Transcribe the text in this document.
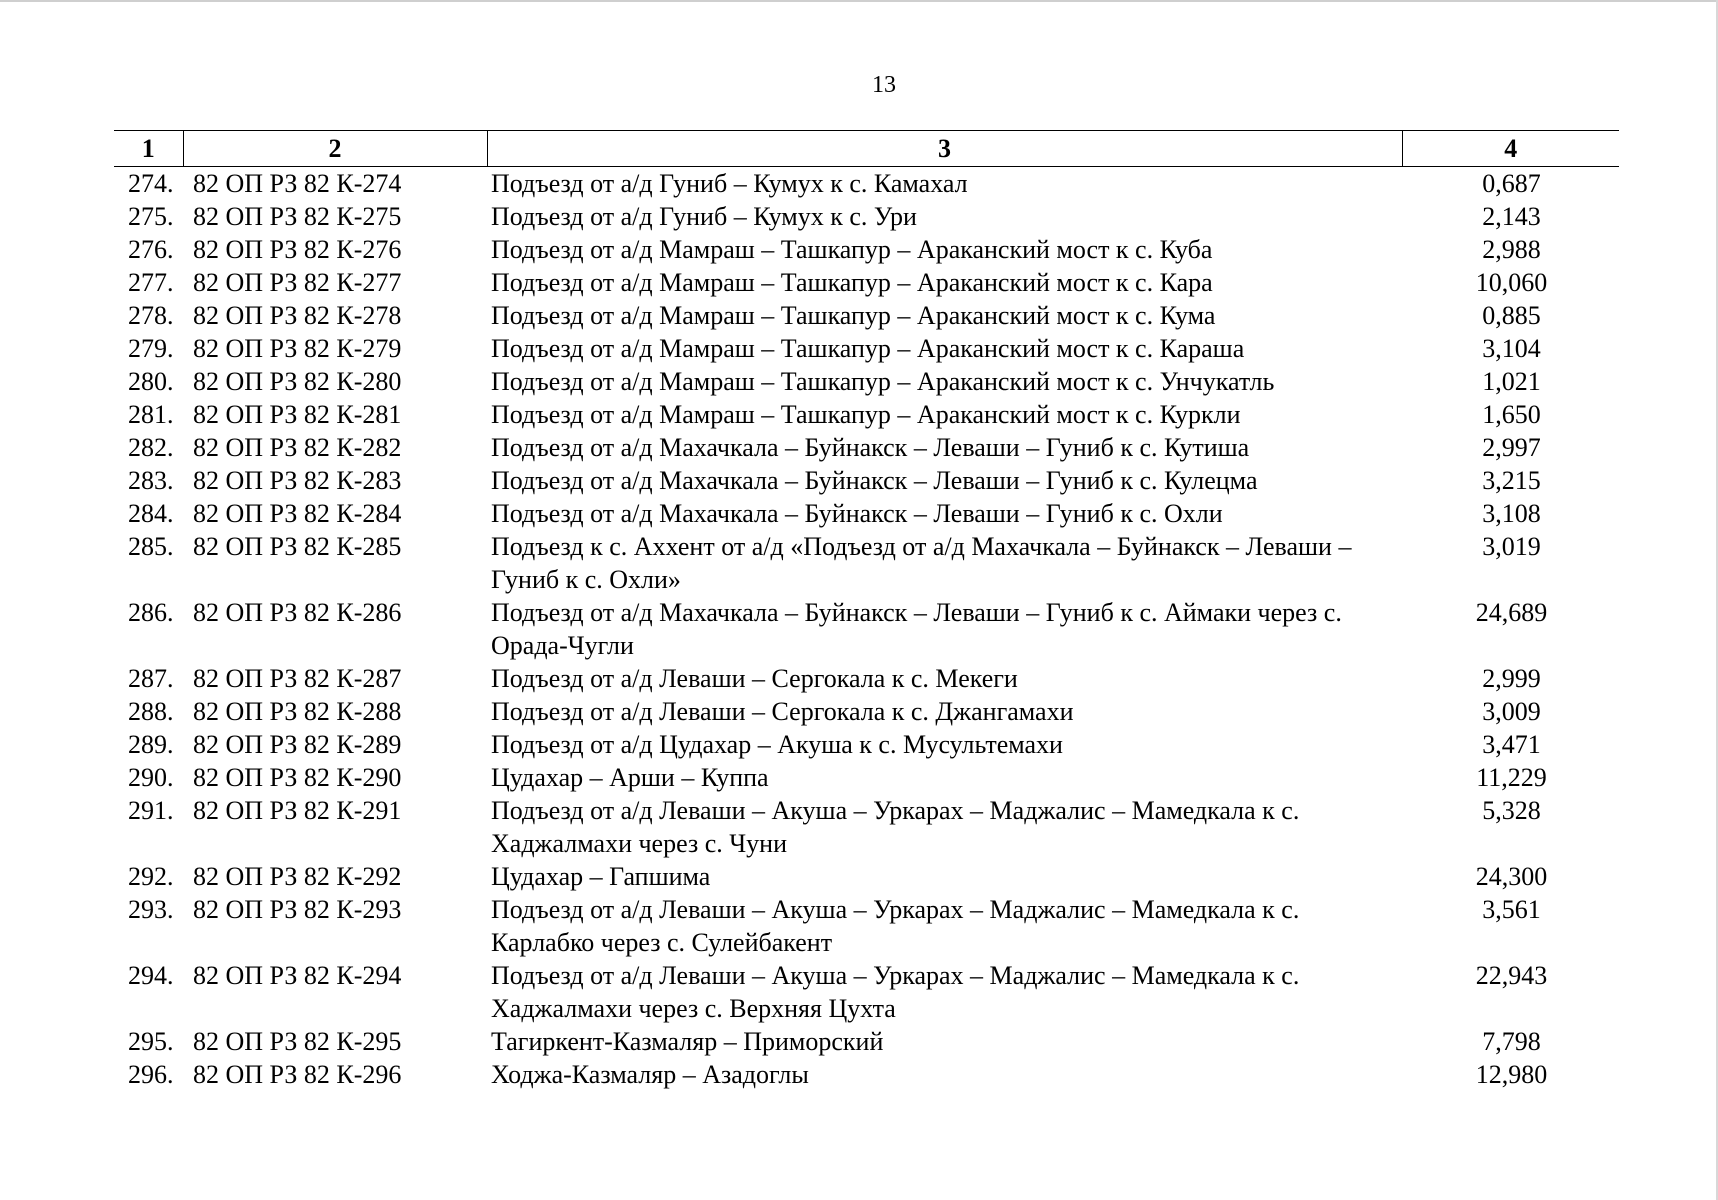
13
1	2	3	4
274.	82 ОП РЗ 82 К-274	Подъезд от а/д Гуниб – Кумух к с. Камахал	0,687
275.	82 ОП РЗ 82 К-275	Подъезд от а/д Гуниб – Кумух к с. Ури	2,143
276.	82 ОП РЗ 82 К-276	Подъезд от а/д Мамраш – Ташкапур – Араканский мост к с. Куба	2,988
277.	82 ОП РЗ 82 К-277	Подъезд от а/д Мамраш – Ташкапур – Араканский мост к с. Кара	10,060
278.	82 ОП РЗ 82 К-278	Подъезд от а/д Мамраш – Ташкапур – Араканский мост к с. Кума	0,885
279.	82 ОП РЗ 82 К-279	Подъезд от а/д Мамраш – Ташкапур – Араканский мост к с. Караша	3,104
280.	82 ОП РЗ 82 К-280	Подъезд от а/д Мамраш – Ташкапур – Араканский мост к с. Унчукатль	1,021
281.	82 ОП РЗ 82 К-281	Подъезд от а/д Мамраш – Ташкапур – Араканский мост к с. Куркли	1,650
282.	82 ОП РЗ 82 К-282	Подъезд от а/д Махачкала – Буйнакск – Леваши – Гуниб к с. Кутиша	2,997
283.	82 ОП РЗ 82 К-283	Подъезд от а/д Махачкала – Буйнакск – Леваши – Гуниб к с. Кулецма	3,215
284.	82 ОП РЗ 82 К-284	Подъезд от а/д Махачкала – Буйнакск – Леваши – Гуниб к с. Охли	3,108
285.	82 ОП РЗ 82 К-285	Подъезд к с. Аххент от а/д «Подъезд от а/д Махачкала – Буйнакск – Леваши – Гуниб к с. Охли»	3,019
286.	82 ОП РЗ 82 К-286	Подъезд от а/д Махачкала – Буйнакск – Леваши – Гуниб к с. Аймаки через с. Орада-Чугли	24,689
287.	82 ОП РЗ 82 К-287	Подъезд от а/д Леваши – Сергокала к с. Мекеги	2,999
288.	82 ОП РЗ 82 К-288	Подъезд от а/д Леваши – Сергокала к с. Джангамахи	3,009
289.	82 ОП РЗ 82 К-289	Подъезд от а/д Цудахар – Акуша к с. Мусультемахи	3,471
290.	82 ОП РЗ 82 К-290	Цудахар – Арши – Куппа	11,229
291.	82 ОП РЗ 82 К-291	Подъезд от а/д Леваши – Акуша – Уркарах – Маджалис – Мамедкала к с. Хаджалмахи через с. Чуни	5,328
292.	82 ОП РЗ 82 К-292	Цудахар – Гапшима	24,300
293.	82 ОП РЗ 82 К-293	Подъезд от а/д Леваши – Акуша – Уркарах – Маджалис – Мамедкала к с. Карлабко через с. Сулейбакент	3,561
294.	82 ОП РЗ 82 К-294	Подъезд от а/д Леваши – Акуша – Уркарах – Маджалис – Мамедкала к с. Хаджалмахи через с. Верхняя Цухта	22,943
295.	82 ОП РЗ 82 К-295	Тагиркент-Казмаляр – Приморский	7,798
296.	82 ОП РЗ 82 К-296	Ходжа-Казмаляр – Азадоглы	12,980
